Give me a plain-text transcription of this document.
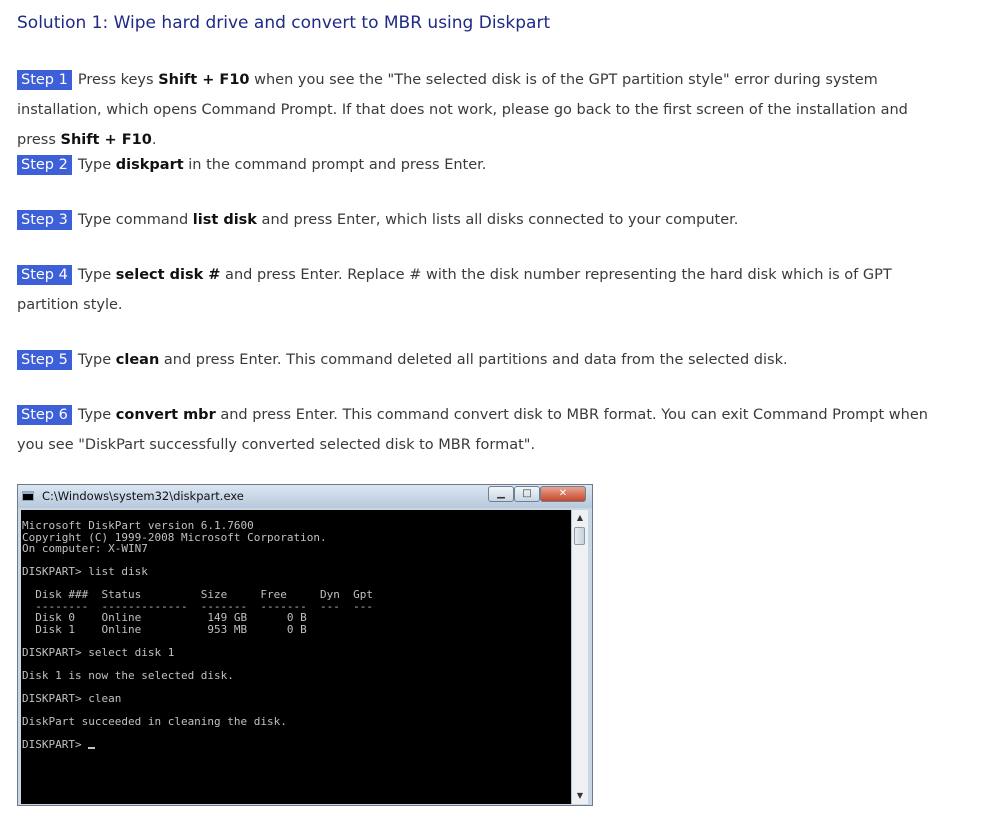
Solution 1: Wipe hard drive and convert to MBR using Diskpart
Step 1 Press keys Shift + F10 when you see the "The selected disk is of the GPT partition style" error during system installation, which opens Command Prompt. If that does not work, please go back to the first screen of the installation and press Shift + F10.
Step 2 Type diskpart in the command prompt and press Enter.
Step 3 Type command list disk and press Enter, which lists all disks connected to your computer.
Step 4 Type select disk # and press Enter. Replace # with the disk number representing the hard disk which is of GPT partition style.
Step 5 Type clean and press Enter. This command deleted all partitions and data from the selected disk.
Step 6 Type convert mbr and press Enter. This command convert disk to MBR format. You can exit Command Prompt when you see "DiskPart successfully converted selected disk to MBR format".
C:\Windows\system32\diskpart.exe	▁	□	✕
Microsoft DiskPart version 6.1.7600
Copyright (C) 1999-2008 Microsoft Corporation.
On computer: X-WIN7

DISKPART> list disk

Disk ###  Status         Size     Free     Dyn  Gpt
--------  -------------  -------  -------  ---  ---
Disk 0    Online          149 GB      0 B
Disk 1    Online          953 MB      0 B

DISKPART> select disk 1

Disk 1 is now the selected disk.

DISKPART> clean

DiskPart succeeded in cleaning the disk.

DISKPART>
▲
▼
